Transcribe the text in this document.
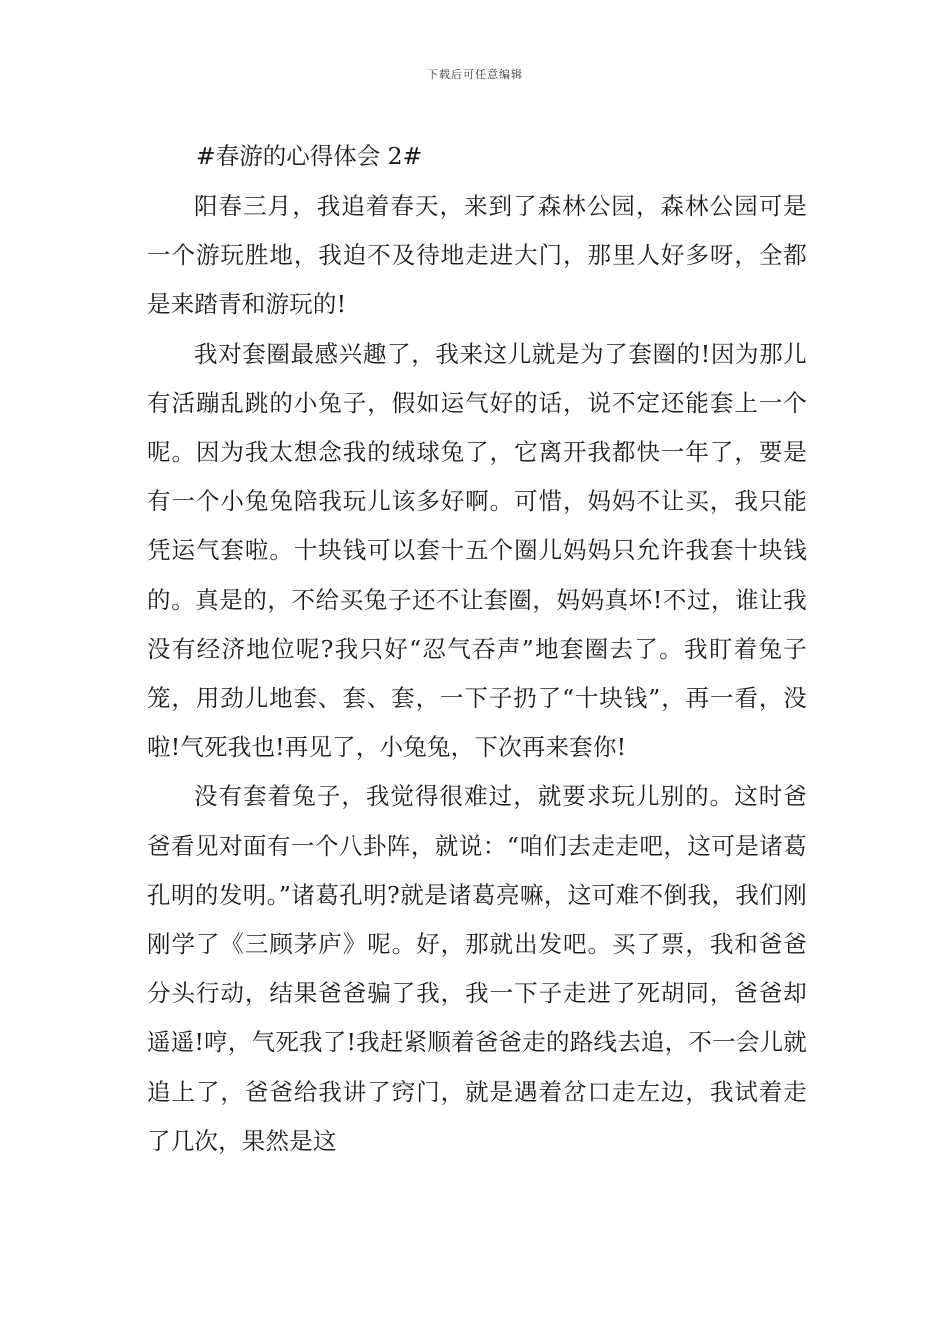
下载后可任意编辑
#春游的心得体会 2#

阳春三月，我追着春天，来到了森林公园，森林公园可是一个游玩胜地，我迫不及待地走进大门，那里人好多呀，全都是来踏青和游玩的!

我对套圈最感兴趣了，我来这儿就是为了套圈的!因为那儿有活蹦乱跳的小兔子，假如运气好的话，说不定还能套上一个呢。因为我太想念我的绒球兔了，它离开我都快一年了，要是有一个小兔兔陪我玩儿该多好啊。可惜，妈妈不让买，我只能凭运气套啦。十块钱可以套十五个圈儿妈妈只允许我套十块钱的。真是的，不给买兔子还不让套圈，妈妈真坏!不过，谁让我没有经济地位呢?我只好“忍气吞声”地套圈去了。我盯着兔子笼，用劲儿地套、套、套，一下子扔了“十块钱”，再一看，没啦!气死我也!再见了，小兔兔，下次再来套你!

没有套着兔子，我觉得很难过，就要求玩儿别的。这时爸爸看见对面有一个八卦阵，就说：“咱们去走走吧，这可是诸葛孔明的发明。”诸葛孔明?就是诸葛亮嘛，这可难不倒我，我们刚刚学了《三顾茅庐》呢。好，那就出发吧。买了票，我和爸爸分头行动，结果爸爸骗了我，我一下子走进了死胡同，爸爸却遥遥!哼，气死我了!我赶紧顺着爸爸走的路线去追，不一会儿就追上了，爸爸给我讲了窍门，就是遇着岔口走左边，我试着走了几次，果然是这
